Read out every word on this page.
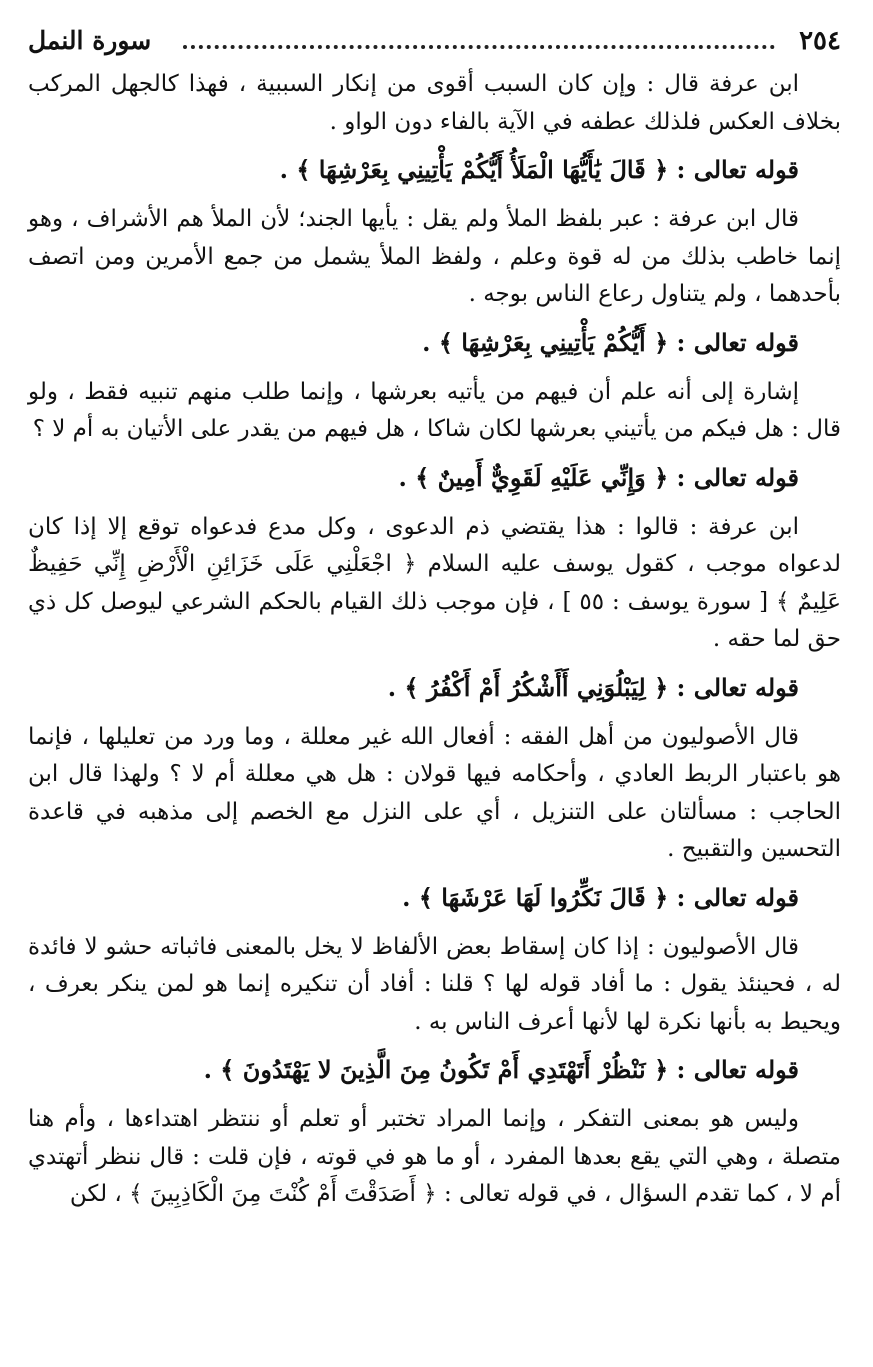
٢٥٤
سورة النمل

ابن عرفة قال : وإن كان السبب أقوى من إنكار السببية ، فهذا كالجهل المركب بخلاف العكس فلذلك عطفه في الآية بالفاء دون الواو .

قوله تعالى : ﴿ قَالَ يَٰأَيُّهَا الْمَلَأُ أَيُّكُمْ يَأْتِينِي بِعَرْشِهَا ﴾ .

قال ابن عرفة : عبر بلفظ الملأ ولم يقل : يأيها الجند؛ لأن الملأ هم الأشراف ، وهو إنما خاطب بذلك من له قوة وعلم ، ولفظ الملأ يشمل من جمع الأمرين ومن اتصف بأحدهما ، ولم يتناول رعاع الناس بوجه .

قوله تعالى : ﴿ أَيُّكُمْ يَأْتِينِي بِعَرْشِهَا ﴾ .

إشارة إلى أنه علم أن فيهم من يأتيه بعرشها ، وإنما طلب منهم تنبيه فقط ، ولو قال : هل فيكم من يأتيني بعرشها لكان شاكا ، هل فيهم من يقدر على الأتيان به أم لا ؟

قوله تعالى : ﴿ وَإِنِّي عَلَيْهِ لَقَوِيٌّ أَمِينٌ ﴾ .

ابن عرفة : قالوا : هذا يقتضي ذم الدعوى ، وكل مدع فدعواه توقع إلا إذا كان لدعواه موجب ، كقول يوسف عليه السلام ﴿ اجْعَلْنِي عَلَى خَزَائِنِ الْأَرْضِ إِنِّي حَفِيظٌ عَلِيمٌ ﴾ [ سورة يوسف : ٥٥ ] ، فإن موجب ذلك القيام بالحكم الشرعي ليوصل كل ذي حق لما حقه .

قوله تعالى : ﴿ لِيَبْلُوَنِي أَأَشْكُرُ أَمْ أَكْفُرُ ﴾ .

قال الأصوليون من أهل الفقه : أفعال الله غير معللة ، وما ورد من تعليلها ، فإنما هو باعتبار الربط العادي ، وأحكامه فيها قولان : هل هي معللة أم لا ؟ ولهذا قال ابن الحاجب : مسألتان على التنزيل ، أي على النزل مع الخصم إلى مذهبه في قاعدة التحسين والتقبيح .

قوله تعالى : ﴿ قَالَ نَكِّرُوا لَهَا عَرْشَهَا ﴾ .

قال الأصوليون : إذا كان إسقاط بعض الألفاظ لا يخل بالمعنى فاثباته حشو لا فائدة له ، فحينئذ يقول : ما أفاد قوله لها ؟ قلنا : أفاد أن تنكيره إنما هو لمن ينكر بعرف ، ويحيط به بأنها نكرة لها لأنها أعرف الناس به .

قوله تعالى : ﴿ نَنْظُرْ أَتَهْتَدِي أَمْ تَكُونُ مِنَ الَّذِينَ لا يَهْتَدُونَ ﴾ .

وليس هو بمعنى التفكر ، وإنما المراد تختبر أو تعلم أو ننتظر اهتداءها ، وأم هنا متصلة ، وهي التي يقع بعدها المفرد ، أو ما هو في قوته ، فإن قلت : قال ننظر أتهتدي أم لا ، كما تقدم السؤال ، في قوله تعالى : ﴿ أَصَدَقْتَ أَمْ كُنْتَ مِنَ الْكَاذِبِينَ ﴾ ، لكن
